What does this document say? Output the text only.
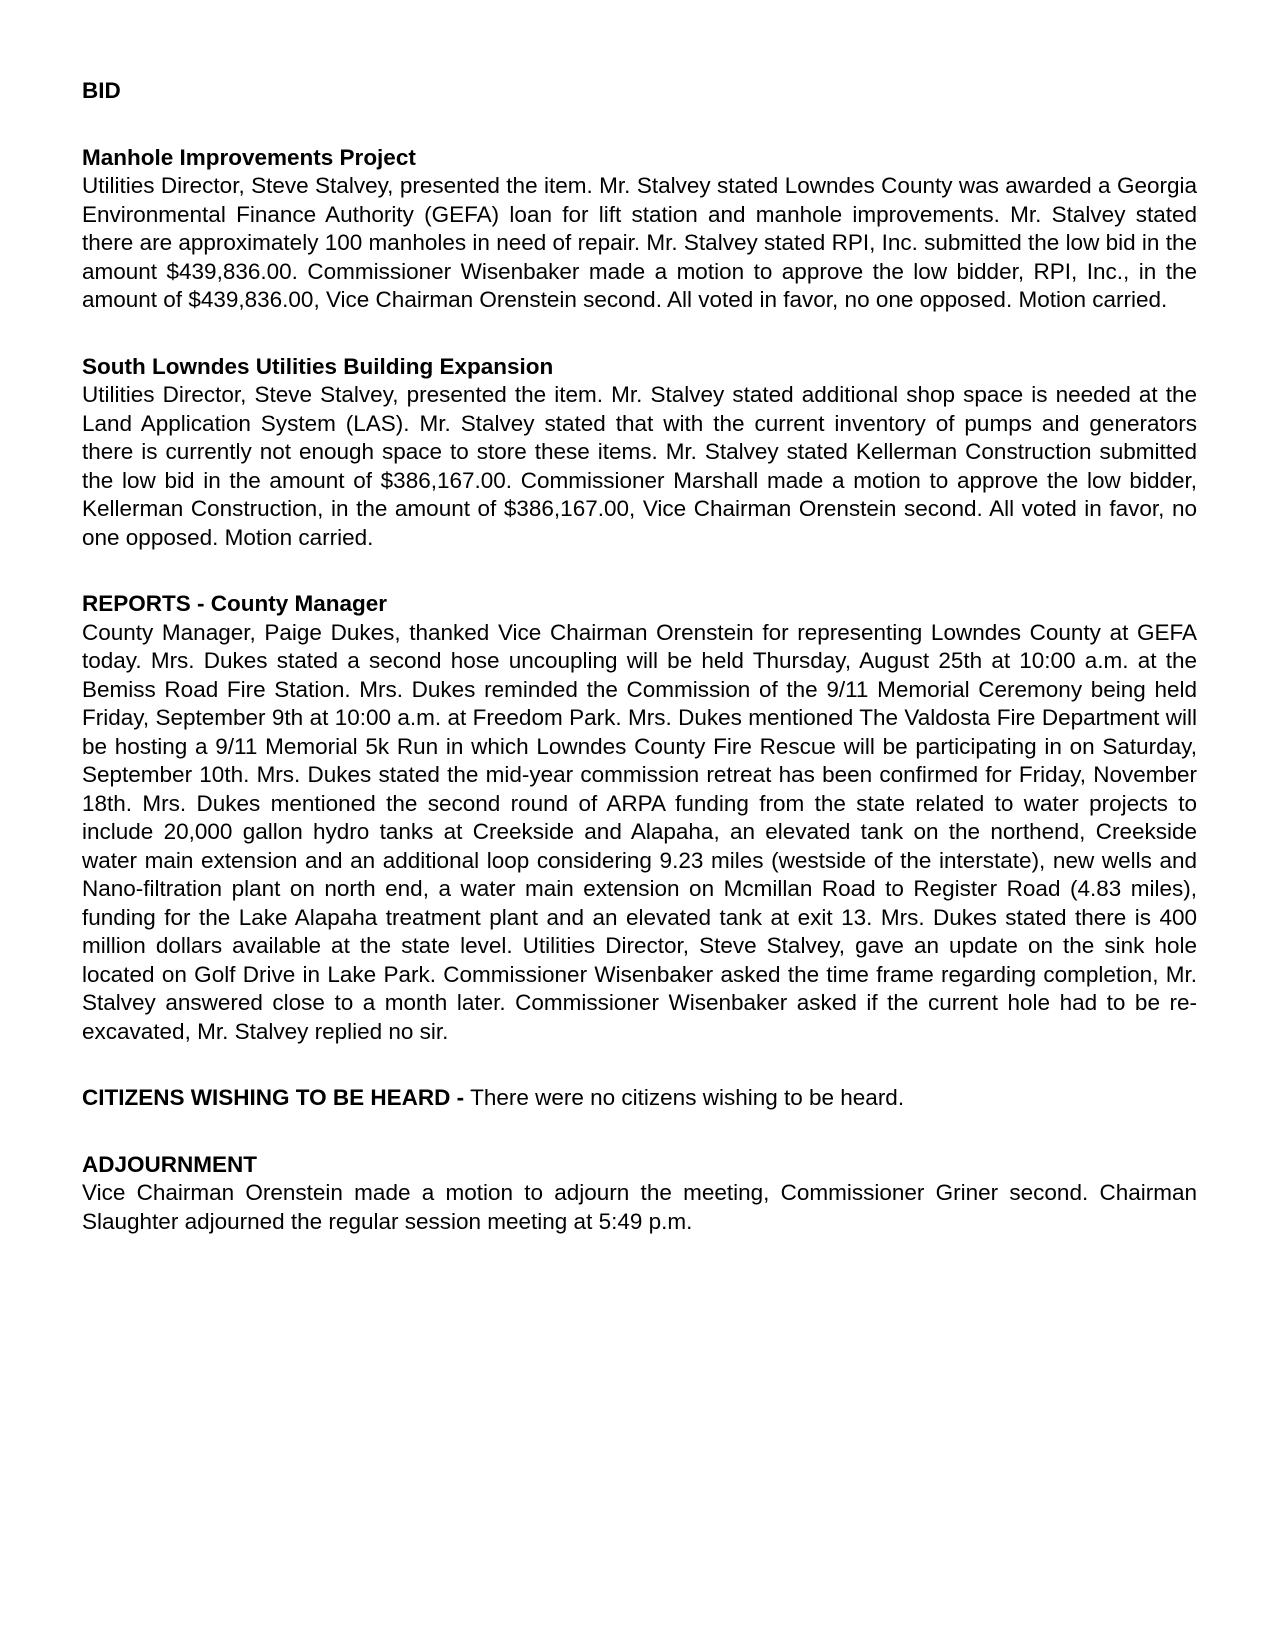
BID
Manhole Improvements Project

Utilities Director, Steve Stalvey, presented the item. Mr. Stalvey stated Lowndes County was awarded a Georgia Environmental Finance Authority (GEFA) loan for lift station and manhole improvements. Mr. Stalvey stated there are approximately 100 manholes in need of repair. Mr. Stalvey stated RPI, Inc. submitted the low bid in the amount $439,836.00. Commissioner Wisenbaker made a motion to approve the low bidder, RPI, Inc., in the amount of $439,836.00, Vice Chairman Orenstein second. All voted in favor, no one opposed. Motion carried.

South Lowndes Utilities Building Expansion

Utilities Director, Steve Stalvey, presented the item. Mr. Stalvey stated additional shop space is needed at the Land Application System (LAS). Mr. Stalvey stated that with the current inventory of pumps and generators there is currently not enough space to store these items. Mr. Stalvey stated Kellerman Construction submitted the low bid in the amount of $386,167.00. Commissioner Marshall made a motion to approve the low bidder, Kellerman Construction, in the amount of $386,167.00, Vice Chairman Orenstein second. All voted in favor, no one opposed. Motion carried.

REPORTS - County Manager

County Manager, Paige Dukes, thanked Vice Chairman Orenstein for representing Lowndes County at GEFA today. Mrs. Dukes stated a second hose uncoupling will be held Thursday, August 25th at 10:00 a.m. at the Bemiss Road Fire Station. Mrs. Dukes reminded the Commission of the 9/11 Memorial Ceremony being held Friday, September 9th at 10:00 a.m. at Freedom Park. Mrs. Dukes mentioned The Valdosta Fire Department will be hosting a 9/11 Memorial 5k Run in which Lowndes County Fire Rescue will be participating in on Saturday, September 10th. Mrs. Dukes stated the mid-year commission retreat has been confirmed for Friday, November 18th. Mrs. Dukes mentioned the second round of ARPA funding from the state related to water projects to include 20,000 gallon hydro tanks at Creekside and Alapaha, an elevated tank on the northend, Creekside water main extension and an additional loop considering 9.23 miles (westside of the interstate), new wells and Nano-filtration plant on north end, a water main extension on Mcmillan Road to Register Road (4.83 miles), funding for the Lake Alapaha treatment plant and an elevated tank at exit 13. Mrs. Dukes stated there is 400 million dollars available at the state level. Utilities Director, Steve Stalvey, gave an update on the sink hole located on Golf Drive in Lake Park. Commissioner Wisenbaker asked the time frame regarding completion, Mr. Stalvey answered close to a month later. Commissioner Wisenbaker asked if the current hole had to be re-excavated, Mr. Stalvey replied no sir.

CITIZENS WISHING TO BE HEARD - There were no citizens wishing to be heard.

ADJOURNMENT

Vice Chairman Orenstein made a motion to adjourn the meeting, Commissioner Griner second. Chairman Slaughter adjourned the regular session meeting at 5:49 p.m.
